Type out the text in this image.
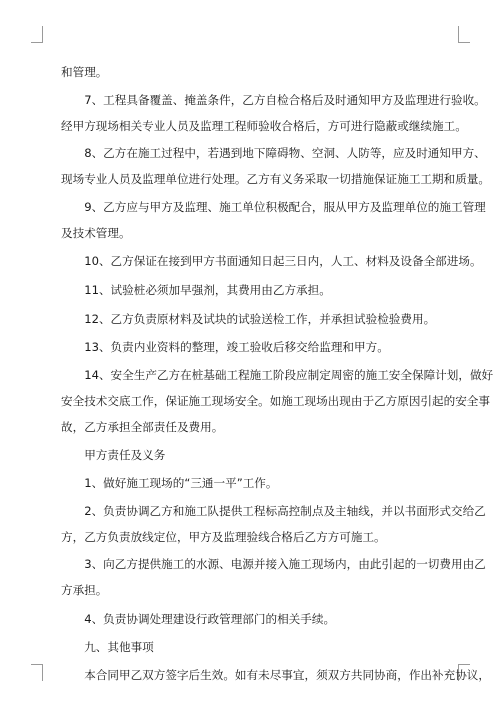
和管理。
　　7、工程具备覆盖、掩盖条件，乙方自检合格后及时通知甲方及监理进行验收。
经甲方现场相关专业人员及监理工程师验收合格后，方可进行隐蔽或继续施工。
　　8、乙方在施工过程中，若遇到地下障碍物、空洞、人防等，应及时通知甲方、
现场专业人员及监理单位进行处理。乙方有义务采取一切措施保证施工工期和质量。
　　9、乙方应与甲方及监理、施工单位积极配合，服从甲方及监理单位的施工管理
及技术管理。
　　10、乙方保证在接到甲方书面通知日起三日内，人工、材料及设备全部进场。
　　11、试验桩必须加早强剂，其费用由乙方承担。
　　12、乙方负责原材料及试块的试验送检工作，并承担试验检验费用。
　　13、负责内业资料的整理，竣工验收后移交给监理和甲方。
　　14、安全生产乙方在桩基础工程施工阶段应制定周密的施工安全保障计划，做好
安全技术交底工作，保证施工现场安全。如施工现场出现由于乙方原因引起的安全事
故，乙方承担全部责任及费用。
　　甲方责任及义务
　　1、做好施工现场的“三通一平”工作。
　　2、负责协调乙方和施工队提供工程标高控制点及主轴线，并以书面形式交给乙
方，乙方负责放线定位，甲方及监理验线合格后乙方方可施工。
　　3、向乙方提供施工的水源、电源并接入施工现场内，由此引起的一切费用由乙
方承担。
　　4、负责协调处理建设行政管理部门的相关手续。
　　九、其他事项
　　本合同甲乙双方签字后生效。如有未尽事宜，须双方共同协商，作出补充协议，
